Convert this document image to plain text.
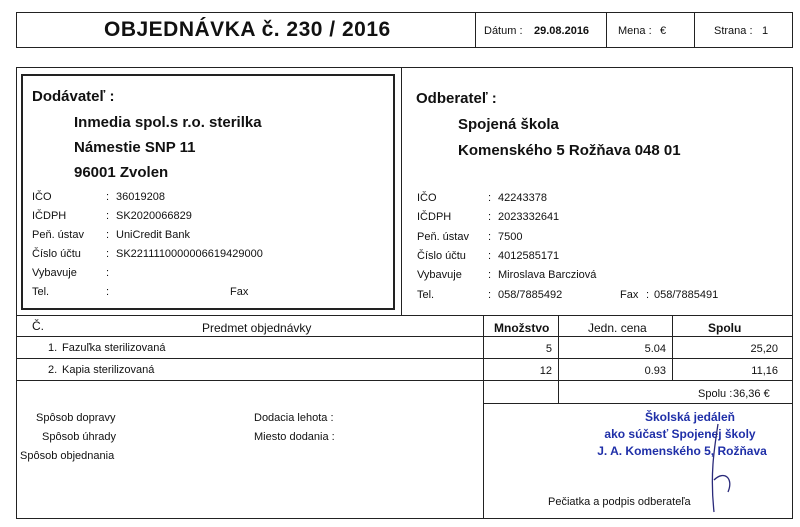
OBJEDNÁVKA č. 230 / 2016	Dátum : 29.08.2016	Mena : €	Strana : 1
Dodávateľ :
Inmedia spol.s r.o. sterilka
Námestie SNP 11
96001 Zvolen
IČO	: 36019208
IČDPH	: SK2020066829
Peň. ústav : UniCredit Bank
Číslo účtu : SK2211110000006619429000
Vybavuje	:
Tel.	:	Fax
Odberateľ :
Spojená škola
Komenského 5 Rožňava 048 01
IČO	: 42243378
IČDPH	: 2023332641
Peň. ústav : 7500
Číslo účtu : 4012585171
Vybavuje : Miroslava Barcziová
Tel.	: 058/7885492	Fax : 058/7885491
Č.	Predmet objednávky	Množstvo	Jedn. cena	Spolu
1. Fazuľka sterilizovaná	5	5.04	25,20
2. Kapia sterilizovaná	12	0.93	11,16
Spolu : 36,36 €
Spôsob dopravy
Spôsob úhrady
Spôsob objednania
Dodacia lehota :
Miesto dodania :
Školská jedáleň
ako súčasť Spojenej školy
J. A. Komenského 5, Rožňava
Pečiatka a podpis odberateľa
